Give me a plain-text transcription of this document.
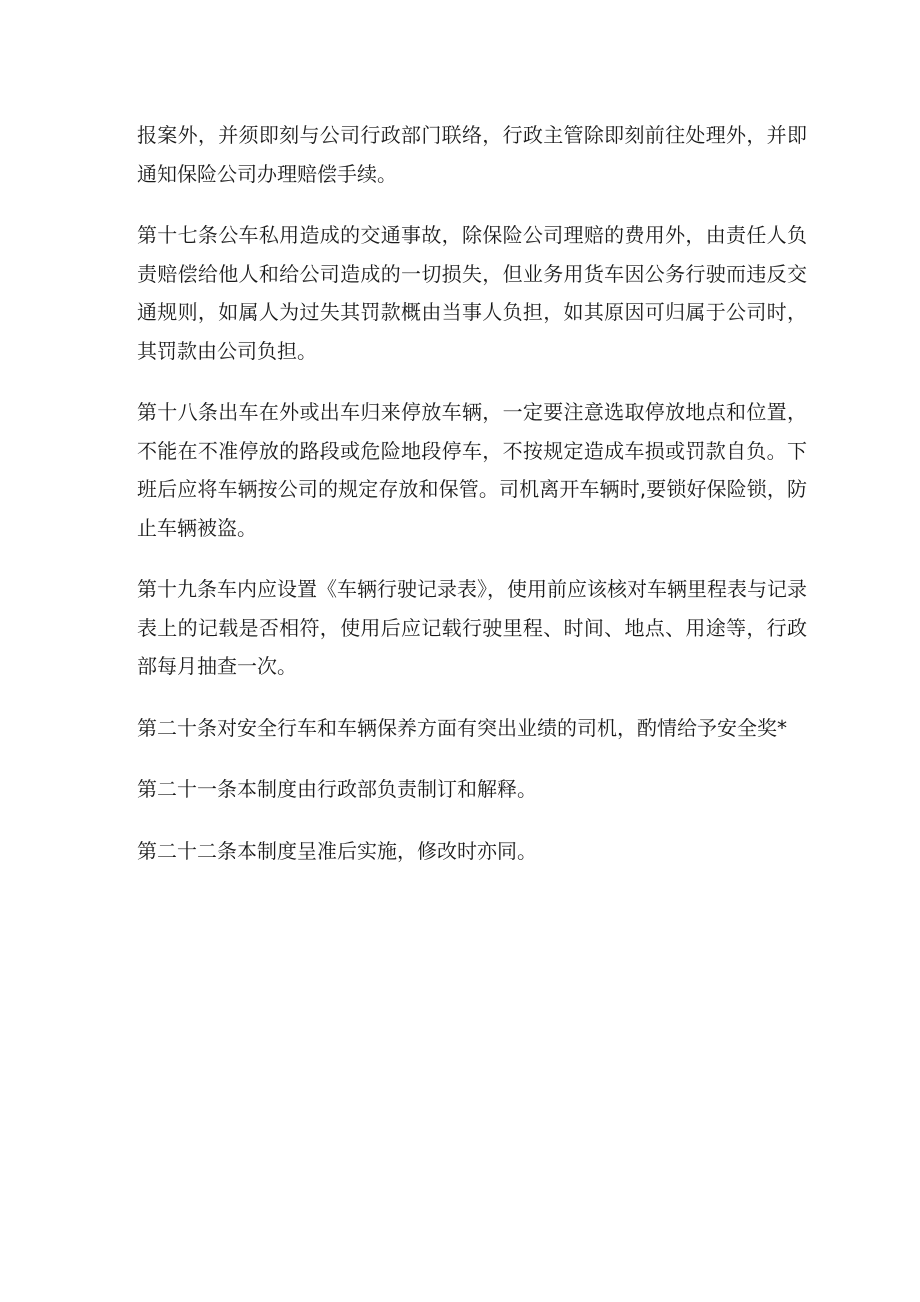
报案外，并须即刻与公司行政部门联络，行政主管除即刻前往处理外，并即通知保险公司办理赔偿手续。

第十七条公车私用造成的交通事故，除保险公司理赔的费用外，由责任人负责赔偿给他人和给公司造成的一切损失，但业务用货车因公务行驶而违反交通规则，如属人为过失其罚款概由当事人负担，如其原因可归属于公司时，其罚款由公司负担。

第十八条出车在外或出车归来停放车辆，一定要注意选取停放地点和位置，不能在不准停放的路段或危险地段停车，不按规定造成车损或罚款自负。下班后应将车辆按公司的规定存放和保管。司机离开车辆时,要锁好保险锁，防止车辆被盗。

第十九条车内应设置《车辆行驶记录表》，使用前应该核对车辆里程表与记录表上的记载是否相符，使用后应记载行驶里程、时间、地点、用途等，行政部每月抽查一次。

第二十条对安全行车和车辆保养方面有突出业绩的司机，酌情给予安全奖*

第二十一条本制度由行政部负责制订和解释。

第二十二条本制度呈准后实施，修改时亦同。
